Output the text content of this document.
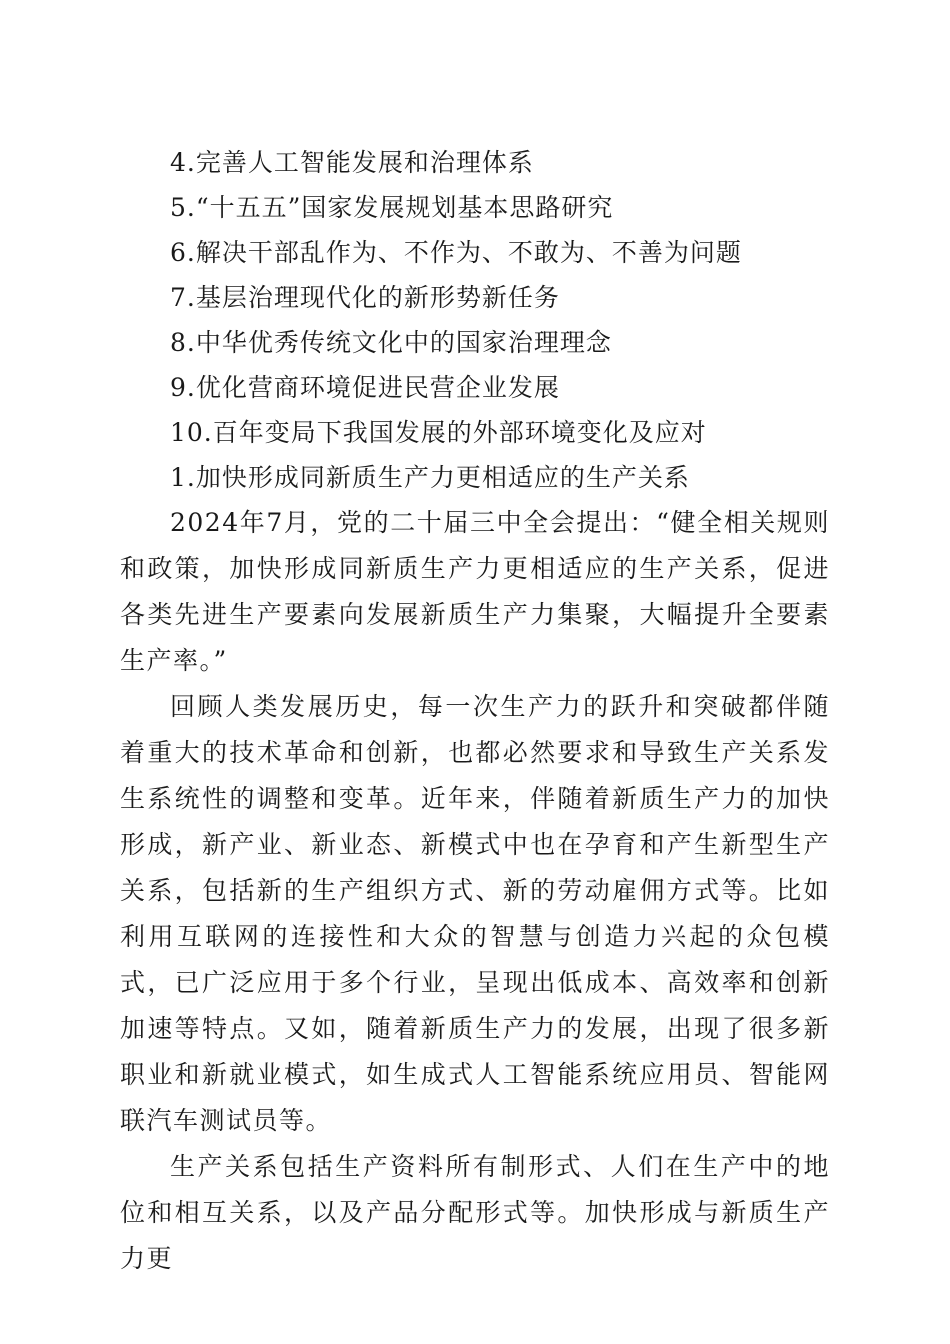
4.完善人工智能发展和治理体系
5.“十五五”国家发展规划基本思路研究
6.解决干部乱作为、不作为、不敢为、不善为问题
7.基层治理现代化的新形势新任务
8.中华优秀传统文化中的国家治理理念
9.优化营商环境促进民营企业发展
10.百年变局下我国发展的外部环境变化及应对
1.加快形成同新质生产力更相适应的生产关系

2024年7月，党的二十届三中全会提出：“健全相关规则和政策，加快形成同新质生产力更相适应的生产关系，促进各类先进生产要素向发展新质生产力集聚，大幅提升全要素生产率。”

回顾人类发展历史，每一次生产力的跃升和突破都伴随着重大的技术革命和创新，也都必然要求和导致生产关系发生系统性的调整和变革。近年来，伴随着新质生产力的加快形成，新产业、新业态、新模式中也在孕育和产生新型生产关系，包括新的生产组织方式、新的劳动雇佣方式等。比如利用互联网的连接性和大众的智慧与创造力兴起的众包模式，已广泛应用于多个行业，呈现出低成本、高效率和创新加速等特点。又如，随着新质生产力的发展，出现了很多新职业和新就业模式，如生成式人工智能系统应用员、智能网联汽车测试员等。

生产关系包括生产资料所有制形式、人们在生产中的地位和相互关系，以及产品分配形式等。加快形成与新质生产力更
